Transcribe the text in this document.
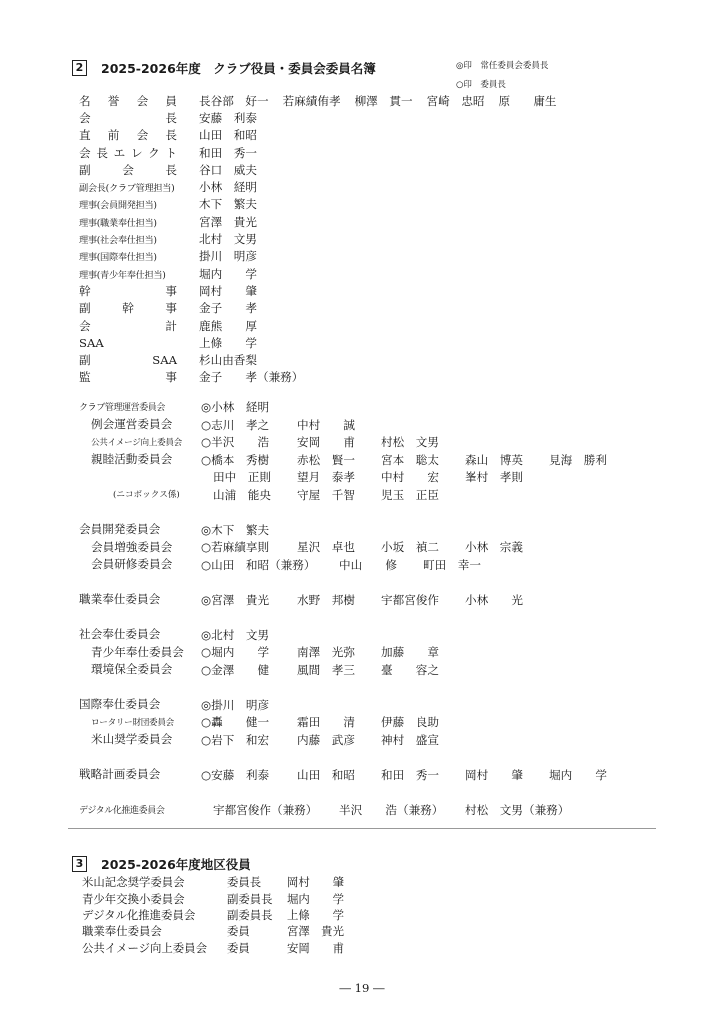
2 2025-2026年度　クラブ役員・委員会委員名簿	◎印　常任委員会委員長
○印　委員長
名誉会員 長谷部　好一 若麻績侑孝 柳澤　貫一 宮崎　忠昭 原　　庸生
会長 安藤　利泰
直前会長 山田　和昭
会長エレクト 和田　秀一
副会長 谷口　威夫
副会長(クラブ管理担当) 小林　経明
理事(会員開発担当)	木下　繁夫
理事(職業奉仕担当)	宮澤　貴光
理事(社会奉仕担当)	北村　文男
理事(国際奉仕担当)	掛川　明彦
理事(青少年奉仕担当)	堀内　　学
幹事 岡村　　肇
副幹事 金子　　孝
会計 鹿熊　　厚
SAA	上條　　学
副SAA 杉山由香梨
監事 金子　　孝（兼務）
クラブ管理運営委員会	◎小林　経明
例会運営委員会	○志川　孝之 中村　　誠
公共イメージ向上委員会	○半沢　　浩 安岡　　甫 村松　文男
親睦活動委員会	○橋本　秀樹 赤松　賢一 宮本　聡太 森山　博英 見海　勝利
田中　正則 望月　泰孝 中村　　宏 峯村　孝則
(ニコボックス係)	山浦　能央 守屋　千智 児玉　正臣
会員開発委員会	◎木下　繁夫
会員増強委員会	○若麻績享則 星沢　卓也 小坂　禎二 小林　宗義
会員研修委員会	○山田　和昭（兼務） 中山　　修 町田　幸一
職業奉仕委員会	◎宮澤　貴光 水野　邦樹 宇都宮俊作 小林　　光
社会奉仕委員会	◎北村　文男
青少年奉仕委員会	○堀内　　学 南澤　光弥 加藤　　章
環境保全委員会	○金澤　　健 風間　孝三 臺　　容之
国際奉仕委員会	◎掛川　明彦
ロータリー財団委員会	○轟　　健一 霜田　　清 伊藤　良助
米山奨学委員会	○岩下　和宏 内藤　武彦 神村　盛宣
戦略計画委員会	○安藤　利泰 山田　和昭 和田　秀一 岡村　　肇 堀内　　学
デジタル化推進委員会	宇都宮俊作（兼務） 半沢　　浩（兼務） 村松　文男（兼務）
3 2025-2026年度地区役員
米山記念奨学委員会	委員長	岡村　　肇
青少年交換小委員会	副委員長	堀内　　学
デジタル化推進委員会	副委員長	上條　　学
職業奉仕委員会	委員	宮澤　貴光
公共イメージ向上委員会	委員	安岡　　甫
― 19 ―
